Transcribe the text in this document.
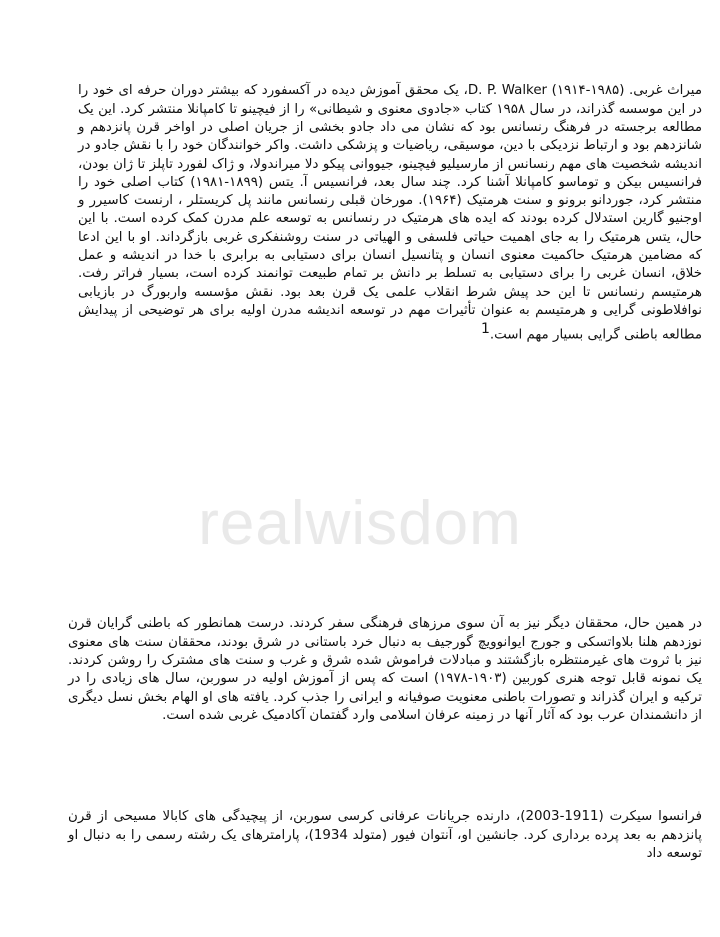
میراث غربی. D. P. Walker (۱۹۱۴-۱۹۸۵)، یک محقق آموزش دیده در آکسفورد که بیشتر دوران حرفه ای خود را در این موسسه گذراند، در سال ۱۹۵۸ کتاب «جادوی معنوی و شیطانی» را از فیچینو تا کامپانلا منتشر کرد. این یک مطالعه برجسته در فرهنگ رنسانس بود که نشان می داد جادو بخشی از جریان اصلی در اواخر قرن پانزدهم و شانزدهم بود و ارتباط نزدیکی با دین، موسیقی، ریاضیات و پزشکی داشت. واکر خوانندگان خود را با نقش جادو در اندیشه شخصیت های مهم رنسانس از مارسیلیو فیچینو، جیووانی پیکو دلا میراندولا، و ژاک لفورد تاپلز تا ژان بودن، فرانسیس بیکن و توماسو کامپانلا آشنا کرد. چند سال بعد، فرانسیس آ. یتس (۱۸۹۹-۱۹۸۱) کتاب اصلی خود را منتشر کرد، جوردانو برونو و سنت هرمتیک (۱۹۶۴). مورخان قبلی رنسانس مانند پل کریستلر ، ارنست کاسیرر و اوجنیو گارین استدلال کرده بودند که ایده های هرمتیک در رنسانس به توسعه علم مدرن کمک کرده است. با این حال، یتس هرمتیک را به جای اهمیت حیاتی فلسفی و الهیاتی در سنت روشنفکری غربی بازگرداند. او با این ادعا که مضامین هرمتیک حاکمیت معنوی انسان و پتانسیل انسان برای دستیابی به برابری با خدا در اندیشه و عمل خلاق، انسان غربی را برای دستیابی به تسلط بر دانش بر تمام طبیعت توانمند کرده است، بسیار فراتر رفت. هرمتیسم رنسانس تا این حد پیش شرط انقلاب علمی یک قرن بعد بود. نقش مؤسسه واربورگ در بازیابی نوافلاطونی گرایی و هرمتیسم به عنوان تأثیرات مهم در توسعه اندیشه مدرن اولیه برای هر توضیحی از پیدایش مطالعه باطنی گرایی بسیار مهم است.$^1$

realwisdom

در همین حال، محققان دیگر نیز به آن سوی مرزهای فرهنگی سفر کردند. درست همانطور که باطنی گرایان قرن نوزدهم هلنا بلاواتسکی و جورج ایوانوویچ گورجیف به دنبال خرد باستانی در شرق بودند، محققان سنت های معنوی نیز با ثروت های غیرمنتظره بازگشتند و مبادلات فراموش شده شرق و غرب و سنت های مشترک را روشن کردند. یک نمونه قابل توجه هنری کوربین (۱۹۰۳-۱۹۷۸) است که پس از آموزش اولیه در سوربن، سال های زیادی را در ترکیه و ایران گذراند و تصورات باطنی معنویت صوفیانه و ایرانی را جذب کرد. یافته های او الهام بخش نسل دیگری از دانشمندان عرب بود که آثار آنها در زمینه عرفان اسلامی وارد گفتمان آکادمیک غربی شده است.

فرانسوا سیکرت (1911-2003)، دارنده جریانات عرفانی کرسی سوربن، از پیچیدگی های کابالا مسیحی از قرن پانزدهم به بعد پرده برداری کرد. جانشین او، آنتوان فیور (متولد 1934)، پارامترهای یک رشته رسمی را به دنبال او توسعه داد
